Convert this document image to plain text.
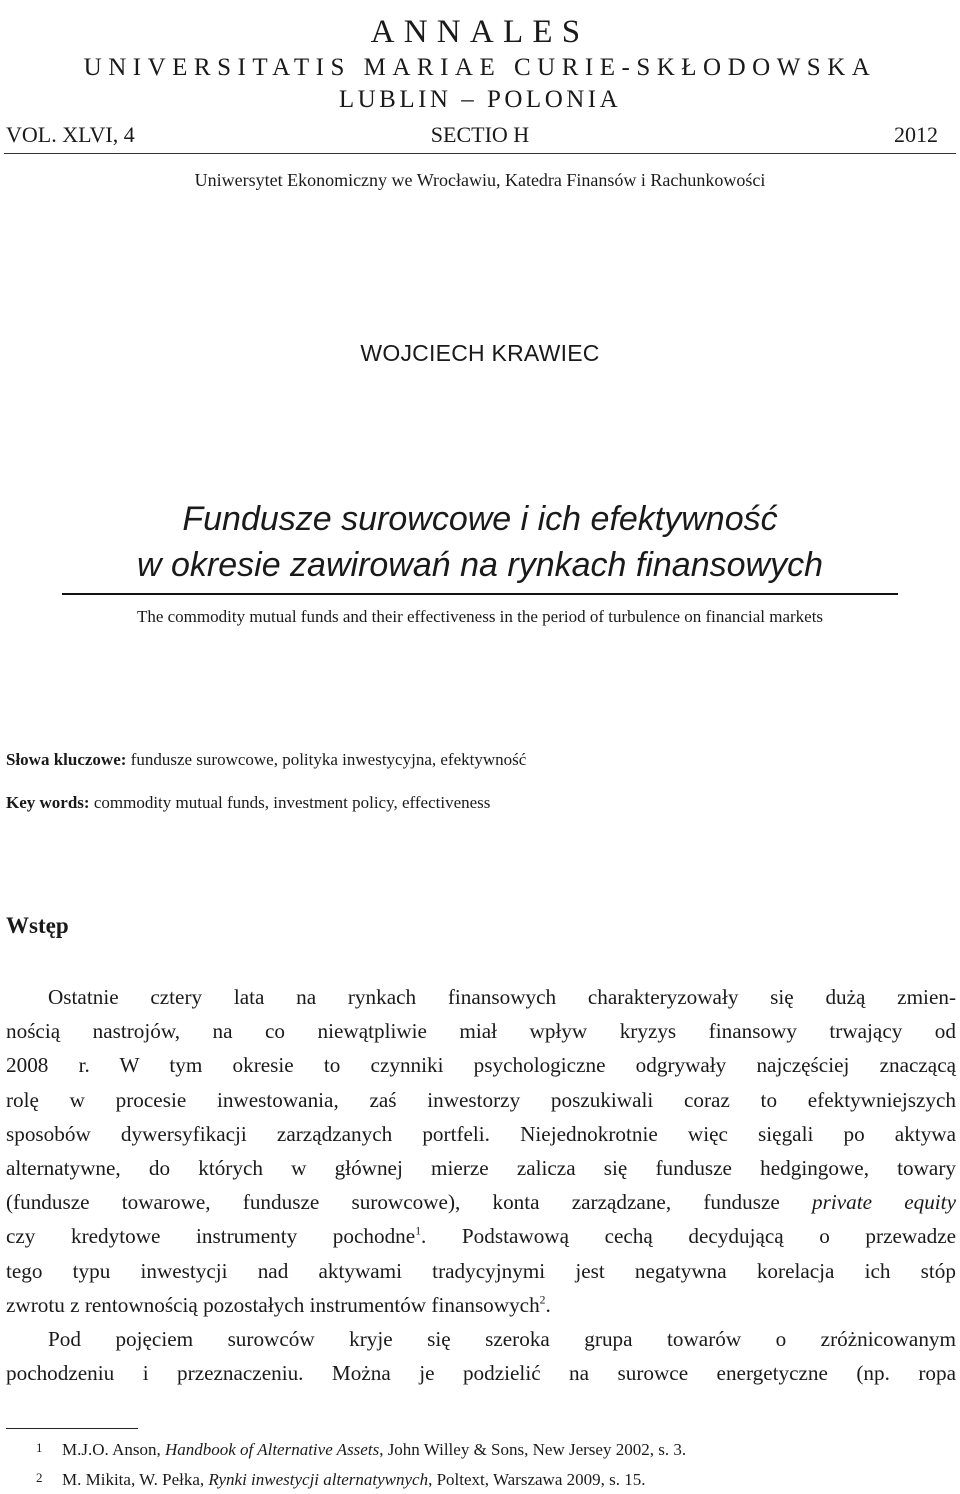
ANNALES
UNIVERSITATIS MARIAE CURIE-SKŁODOWSKA
LUBLIN – POLONIA
SECTIO H
VOL. XLVI, 4	2012
Uniwersytet Ekonomiczny we Wrocławiu, Katedra Finansów i Rachunkowości
WOJCIECH KRAWIEC
Fundusze surowcowe i ich efektywność
w okresie zawirowań na rynkach finansowych
The commodity mutual funds and their effectiveness in the period of turbulence on financial markets
Słowa kluczowe: fundusze surowcowe, polityka inwestycyjna, efektywność
Key words: commodity mutual funds, investment policy, effectiveness
Wstęp
Ostatnie cztery lata na rynkach finansowych charakteryzowały się dużą zmien-
nością nastrojów, na co niewątpliwie miał wpływ kryzys finansowy trwający od
2008 r. W tym okresie to czynniki psychologiczne odgrywały najczęściej znaczącą
rolę w procesie inwestowania, zaś inwestorzy poszukiwali coraz to efektywniejszych
sposobów dywersyfikacji zarządzanych portfeli. Niejednokrotnie więc sięgali po aktywa
alternatywne, do których w głównej mierze zalicza się fundusze hedgingowe, towary
(fundusze towarowe, fundusze surowcowe), konta zarządzane, fundusze private equity
czy kredytowe instrumenty pochodne$^1$. Podstawową cechą decydującą o przewadze
tego typu inwestycji nad aktywami tradycyjnymi jest negatywna korelacja ich stóp
zwrotu z rentownością pozostałych instrumentów finansowych$^2$.
Pod pojęciem surowców kryje się szeroka grupa towarów o zróżnicowanym
pochodzeniu i przeznaczeniu. Można je podzielić na surowce energetyczne (np. ropa
1 M.J.O. Anson, Handbook of Alternative Assets, John Willey & Sons, New Jersey 2002, s. 3.
2 M. Mikita, W. Pełka, Rynki inwestycji alternatywnych, Poltext, Warszawa 2009, s. 15.
